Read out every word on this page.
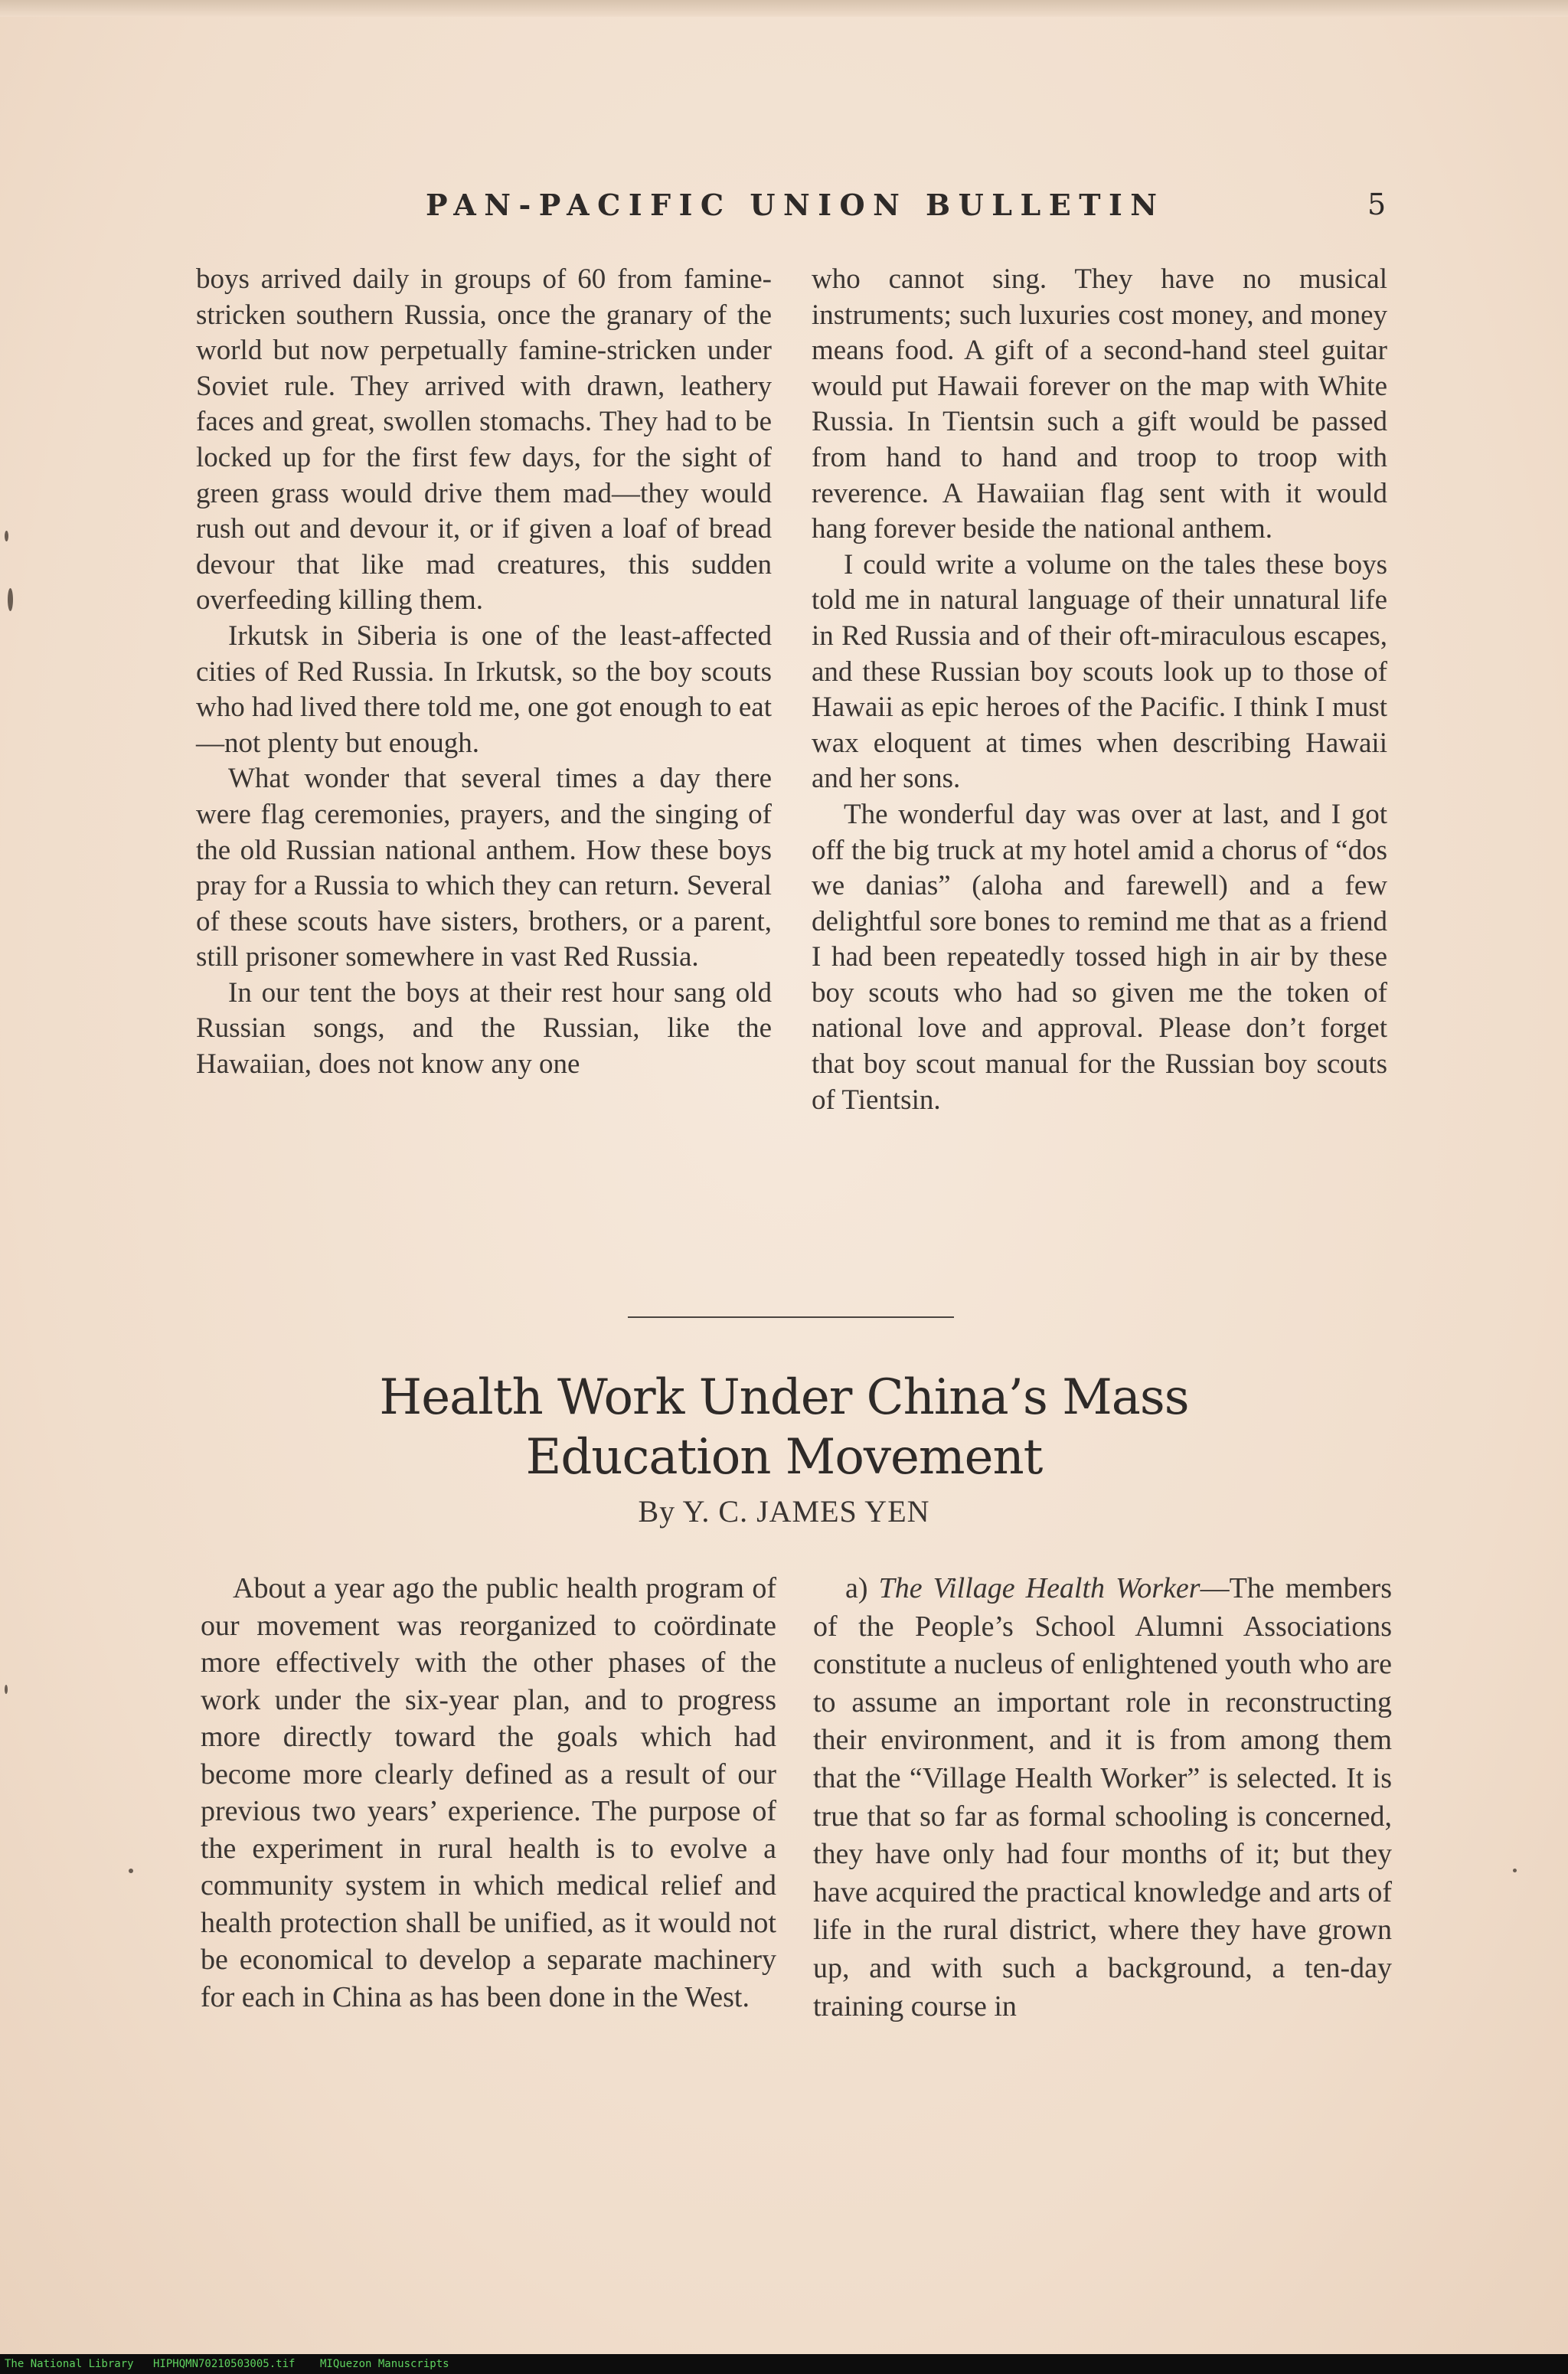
PAN-PACIFIC UNION BULLETIN	5

boys arrived daily in groups of 60 from famine-stricken southern Russia, once the granary of the world but now perpetually famine-stricken under Soviet rule. They arrived with drawn, leathery faces and great, swollen stomachs. They had to be locked up for the first few days, for the sight of green grass would drive them mad—they would rush out and devour it, or if given a loaf of bread devour that like mad creatures, this sudden overfeeding killing them.

Irkutsk in Siberia is one of the least-affected cities of Red Russia. In Irkutsk, so the boy scouts who had lived there told me, one got enough to eat—not plenty but enough.

What wonder that several times a day there were flag ceremonies, prayers, and the singing of the old Russian national anthem. How these boys pray for a Russia to which they can return. Several of these scouts have sisters, brothers, or a parent, still prisoner somewhere in vast Red Russia.

In our tent the boys at their rest hour sang old Russian songs, and the Russian, like the Hawaiian, does not know any one

who cannot sing. They have no musical instruments; such luxuries cost money, and money means food. A gift of a second-hand steel guitar would put Hawaii forever on the map with White Russia. In Tientsin such a gift would be passed from hand to hand and troop to troop with reverence. A Hawaiian flag sent with it would hang forever beside the national anthem.

I could write a volume on the tales these boys told me in natural language of their unnatural life in Red Russia and of their oft-miraculous escapes, and these Russian boy scouts look up to those of Hawaii as epic heroes of the Pacific. I think I must wax eloquent at times when describing Hawaii and her sons.

The wonderful day was over at last, and I got off the big truck at my hotel amid a chorus of “dos we danias” (aloha and farewell) and a few delightful sore bones to remind me that as a friend I had been repeatedly tossed high in air by these boy scouts who had so given me the token of national love and approval. Please don’t forget that boy scout manual for the Russian boy scouts of Tientsin.

Health Work Under China’s Mass
Education Movement
By Y. C. JAMES YEN

About a year ago the public health program of our movement was reorganized to coördinate more effectively with the other phases of the work under the six-year plan, and to progress more directly toward the goals which had become more clearly defined as a result of our previous two years’ experience. The purpose of the experiment in rural health is to evolve a community system in which medical relief and health protection shall be unified, as it would not be economical to develop a separate machinery for each in China as has been done in the West.

a) The Village Health Worker—The members of the People’s School Alumni Associations constitute a nucleus of enlightened youth who are to assume an important role in reconstructing their environment, and it is from among them that the “Village Health Worker” is selected. It is true that so far as formal schooling is concerned, they have only had four months of it; but they have acquired the practical knowledge and arts of life in the rural district, where they have grown up, and with such a background, a ten-day training course in

The National Library HIPHQMN70210503005.tif MIQuezon Manuscripts
